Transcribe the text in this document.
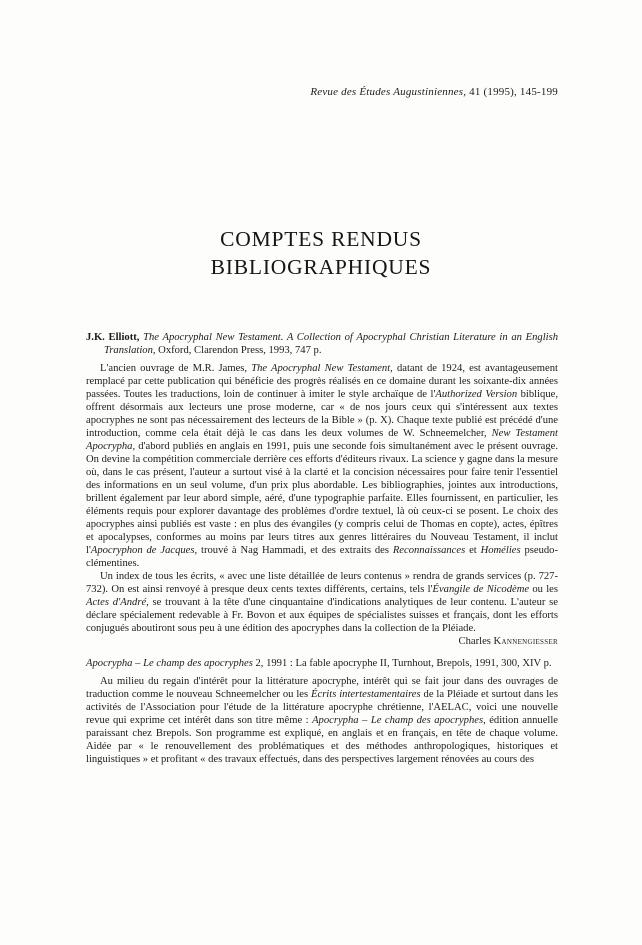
Revue des Études Augustiniennes, 41 (1995), 145-199
COMPTES RENDUS
BIBLIOGRAPHIQUES

J.K. Elliott, The Apocryphal New Testament. A Collection of Apocryphal Christian Literature in an English Translation, Oxford, Clarendon Press, 1993, 747 p.

L'ancien ouvrage de M.R. James, The Apocryphal New Testament, datant de 1924, est avantageusement remplacé par cette publication qui bénéficie des progrès réalisés en ce domaine durant les soixante-dix années passées. Toutes les traductions, loin de continuer à imiter le style archaïque de l'Authorized Version biblique, offrent désormais aux lecteurs une prose moderne, car « de nos jours ceux qui s'intéressent aux textes apocryphes ne sont pas nécessairement des lecteurs de la Bible » (p. X). Chaque texte publié est précédé d'une introduction, comme cela était déjà le cas dans les deux volumes de W. Schneemelcher, New Testament Apocrypha, d'abord publiés en anglais en 1991, puis une seconde fois simultanément avec le présent ouvrage. On devine la compétition commerciale derrière ces efforts d'éditeurs rivaux. La science y gagne dans la mesure où, dans le cas présent, l'auteur a surtout visé à la clarté et la concision nécessaires pour faire tenir l'essentiel des informations en un seul volume, d'un prix plus abordable. Les bibliographies, jointes aux introductions, brillent également par leur abord simple, aéré, d'une typographie parfaite. Elles fournissent, en particulier, les éléments requis pour explorer davantage des problèmes d'ordre textuel, là où ceux-ci se posent. Le choix des apocryphes ainsi publiés est vaste : en plus des évangiles (y compris celui de Thomas en copte), actes, épîtres et apocalypses, conformes au moins par leurs titres aux genres littéraires du Nouveau Testament, il inclut l'Apocryphon de Jacques, trouvé à Nag Hammadi, et des extraits des Reconnaissances et Homélies pseudo-clémentines.

Un index de tous les écrits, « avec une liste détaillée de leurs contenus » rendra de grands services (p. 727-732). On est ainsi renvoyé à presque deux cents textes différents, certains, tels l'Évangile de Nicodème ou les Actes d'André, se trouvant à la tête d'une cinquantaine d'indications analytiques de leur contenu. L'auteur se déclare spécialement redevable à Fr. Bovon et aux équipes de spécialistes suisses et français, dont les efforts conjugués aboutiront sous peu à une édition des apocryphes dans la collection de la Pléiade.

Charles Kannengiesser

Apocrypha – Le champ des apocryphes 2, 1991 : La fable apocryphe II, Turnhout, Brepols, 1991, 300, XIV p.

Au milieu du regain d'intérêt pour la littérature apocryphe, intérêt qui se fait jour dans des ouvrages de traduction comme le nouveau Schneemelcher ou les Écrits intertestamentaires de la Pléiade et surtout dans les activités de l'Association pour l'étude de la littérature apocryphe chrétienne, l'AELAC, voici une nouvelle revue qui exprime cet intérêt dans son titre même : Apocrypha – Le champ des apocryphes, édition annuelle paraissant chez Brepols. Son programme est expliqué, en anglais et en français, en tête de chaque volume. Aidée par « le renouvellement des problématiques et des méthodes anthropologiques, historiques et linguistiques » et profitant « des travaux effectués, dans des perspectives largement rénovées au cours des
